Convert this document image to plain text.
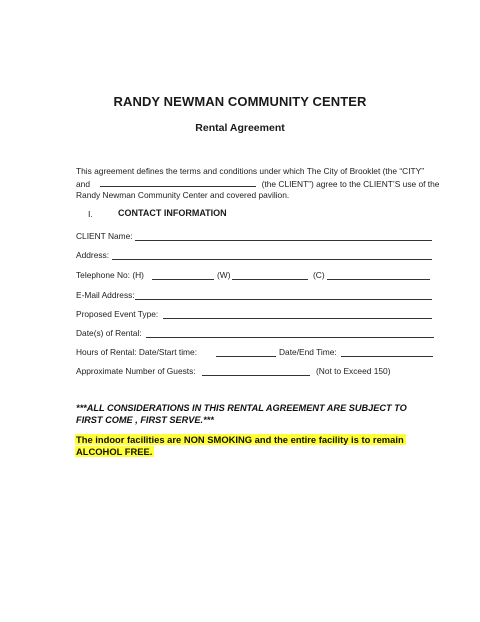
RANDY NEWMAN COMMUNITY CENTER
Rental Agreement
This agreement defines the terms and conditions under which The City of Brooklet (the “CITY”
and	(the CLIENT”) agree to the CLIENT’S use of the
Randy Newman Community Center and covered pavilion.
I.	CONTACT INFORMATION
CLIENT Name:
Address:
Telephone No: (H)	(W)	(C)
E-Mail Address:
Proposed Event Type:
Date(s) of Rental:
Hours of Rental: Date/Start time:	Date/End Time:
Approximate Number of Guests:	(Not to Exceed 150)
***ALL CONSIDERATIONS IN THIS RENTAL AGREEMENT ARE SUBJECT TO
FIRST COME , FIRST SERVE.***
The indoor facilities are NON SMOKING and the entire facility is to remain
ALCOHOL FREE.
